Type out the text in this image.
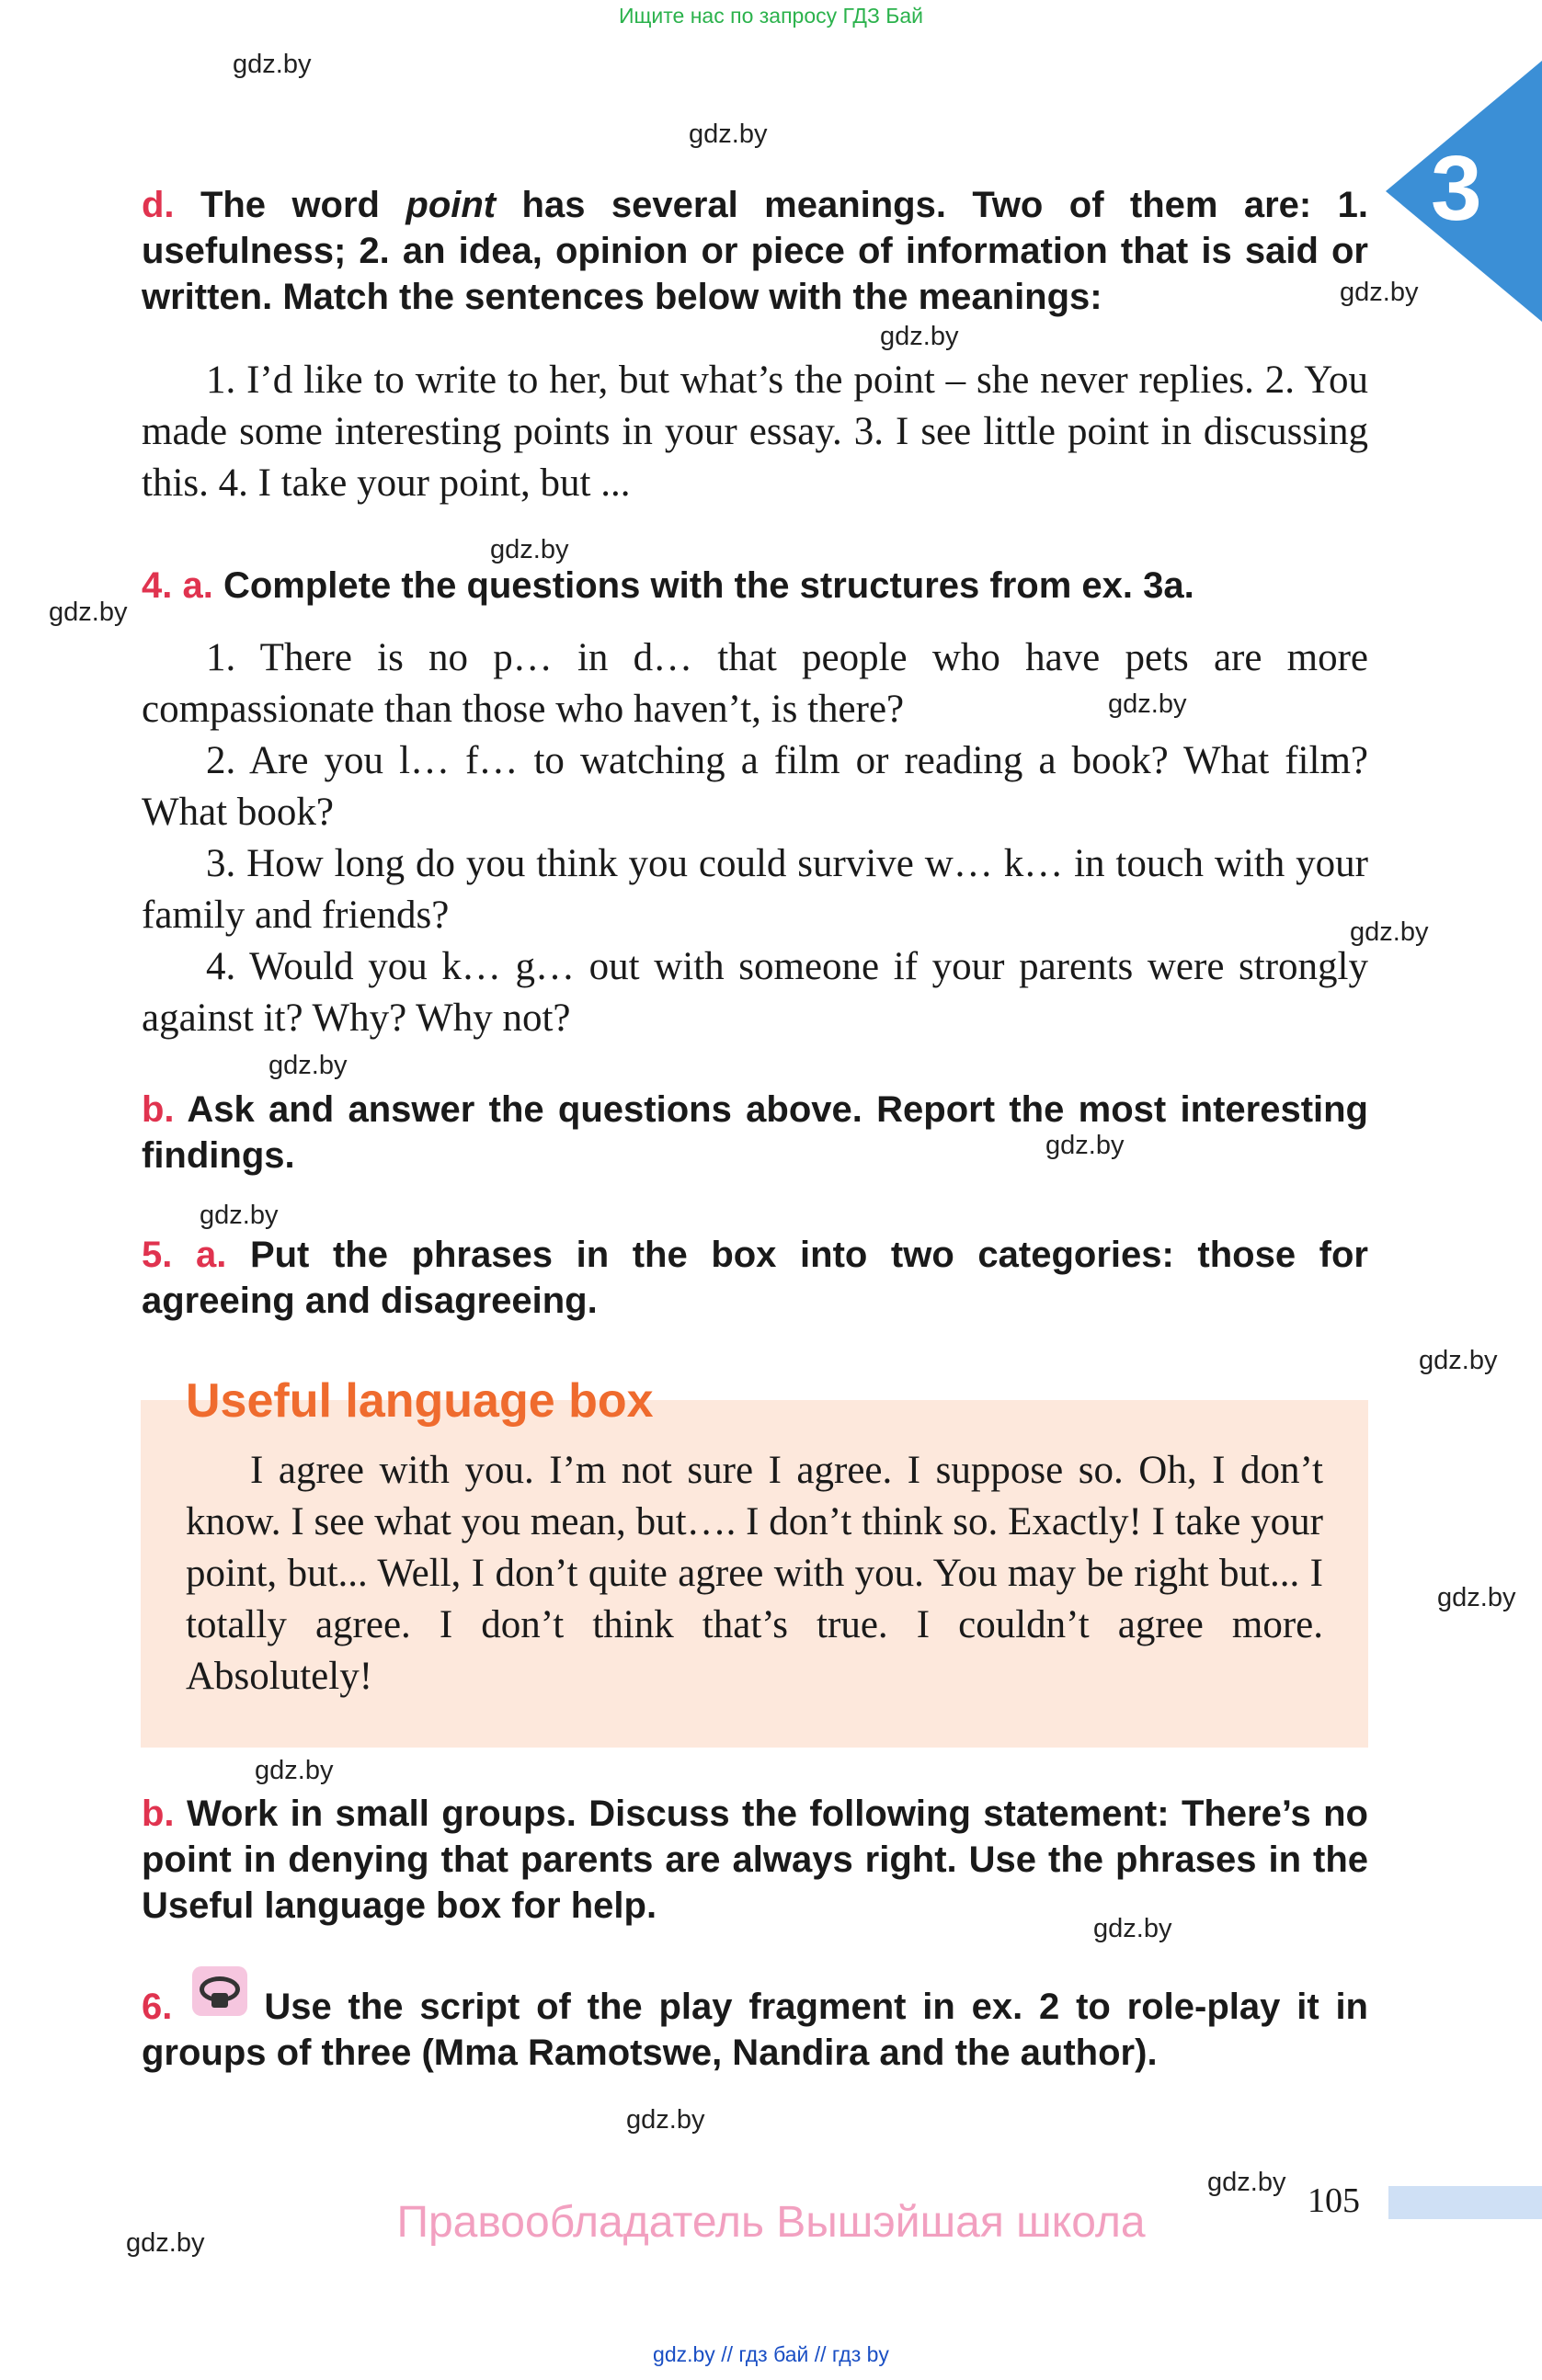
Ищите нас по запросу ГДЗ Бай
3
gdz.by
gdz.by
gdz.by
gdz.by
gdz.by
gdz.by
gdz.by
gdz.by
gdz.by
gdz.by
gdz.by
gdz.by
gdz.by
gdz.by
gdz.by
gdz.by
gdz.by
gdz.by
d. The word point has several meanings. Two of them are: 1. usefulness; 2. an idea, opinion or piece of information that is said or written. Match the sentences below with the meanings:

1. I’d like to write to her, but what’s the point – she never replies. 2. You made some interesting points in your essay. 3. I see little point in discussing this. 4. I take your point, but ...

4. a. Complete the questions with the structures from ex. 3a.

1. There is no p… in d… that people who have pets are more compassionate than those who haven’t, is there?

2. Are you l… f… to watching a film or reading a book? What film? What book?

3. How long do you think you could survive w… k… in touch with your family and friends?

4. Would you k… g… out with someone if your parents were strongly against it? Why? Why not?

b. Ask and answer the questions above. Report the most interesting findings.
5. a. Put the phrases in the box into two categories: those for agreeing and disagreeing.
Useful language box

I agree with you. I’m not sure I agree. I suppose so. Oh, I don’t know. I see what you mean, but…. I don’t think so. Exactly! I take your point, but... Well, I don’t quite agree with you. You may be right but... I totally agree. I don’t think that’s true. I couldn’t agree more. Absolutely!

b. Work in small groups. Discuss the following statement: There’s no point in denying that parents are always right. Use the phrases in the Useful language box for help.
6.	Use the script of the play fragment in ex. 2 to role-play it in groups of three (Mma Ramotswe, Nandira and the author).
Правообладатель Вышэйшая школа	105
gdz.by // гдз бай // гдз by
